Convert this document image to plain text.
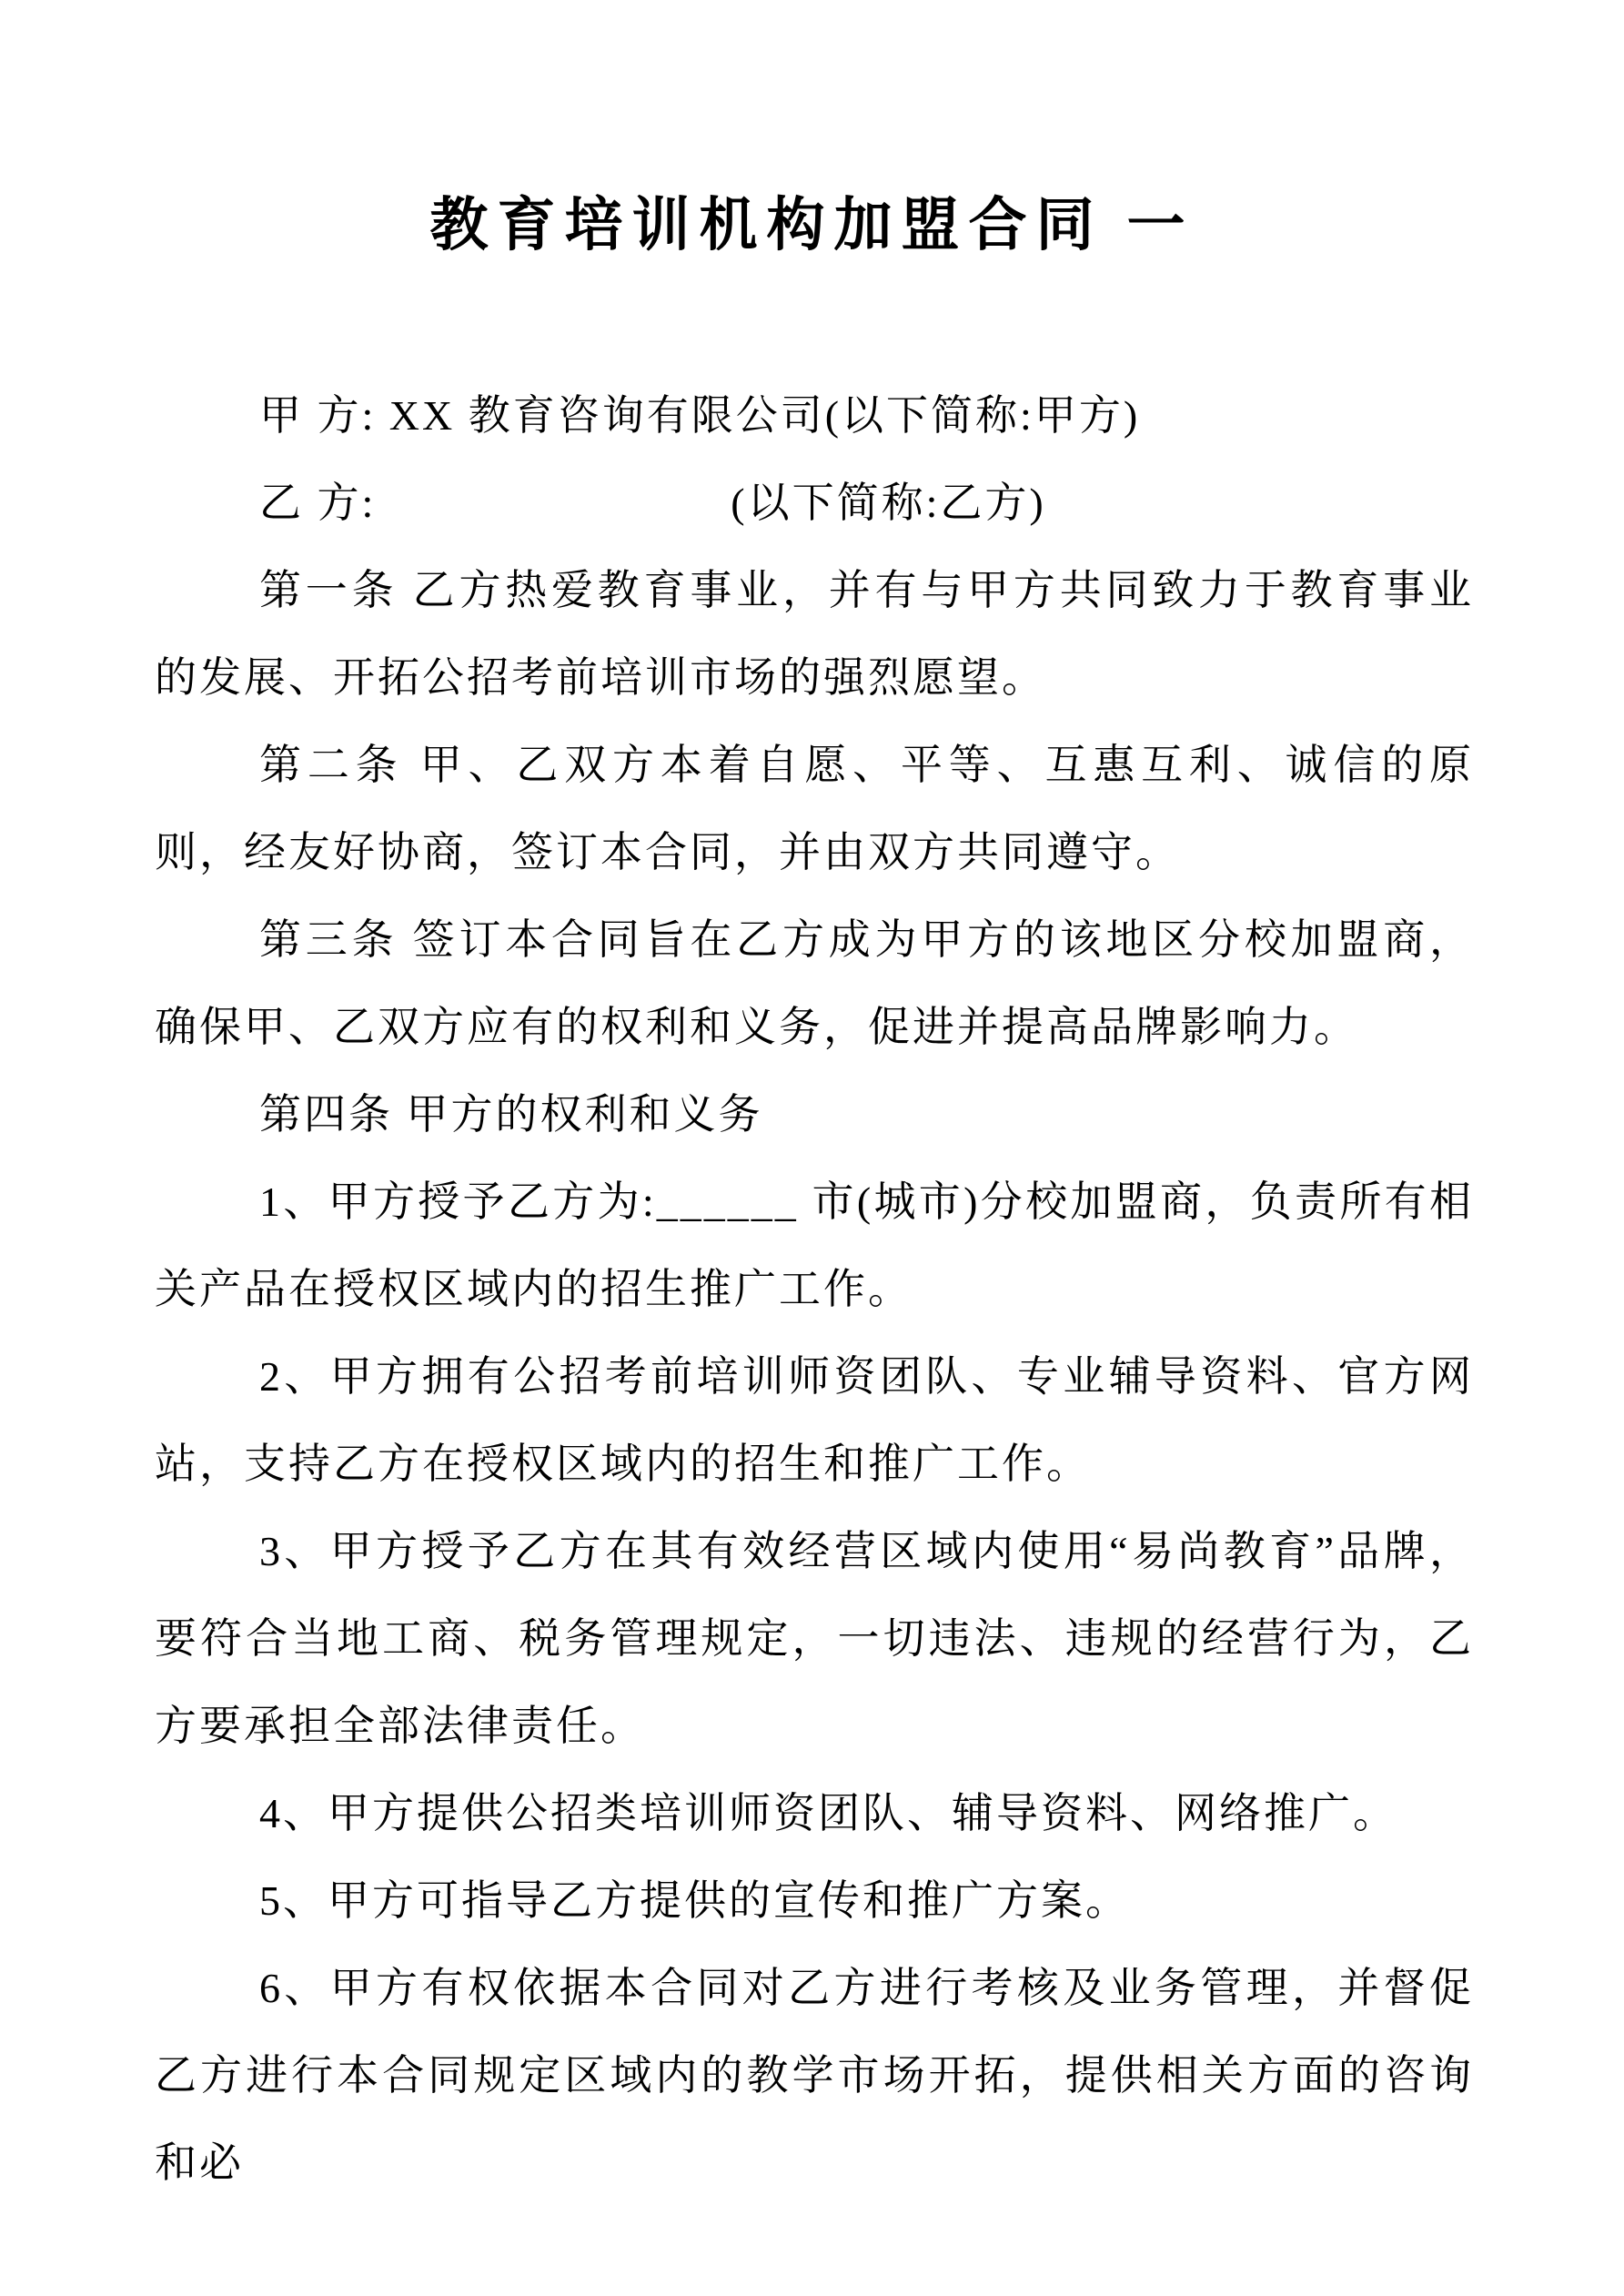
教育培训机构加盟合同 一

甲 方: XX 教育咨询有限公司(以下简称:甲方)

乙 方:	(以下简称:乙方)

第一条 乙方热爱教育事业，并有与甲方共同致力于教育事业的发展、开拓公招考前培训市场的强烈愿望。

第二条 甲、乙双方本着自愿、平等、互惠互利、诚信的原则，经友好协商，签订本合同，并由双方共同遵守。

第三条 签订本合同旨在乙方成为甲方的该地区分校加盟商，确保甲、乙双方应有的权利和义务，促进并提高品牌影响力。

第四条 甲方的权利和义务

1、甲方授予乙方为:______ 市(城市)分校加盟商，负责所有相关产品在授权区域内的招生推广工作。

2、甲方拥有公招考前培训师资团队、专业辅导资料、官方网站，支持乙方在授权区域内的招生和推广工作。

3、甲方授予乙方在其有效经营区域内使用“易尚教育”品牌，要符合当地工商、税务管理规定，一切违法、违规的经营行为，乙方要承担全部法律责任。

4、甲方提供公招类培训师资团队、辅导资料、网络推广。

5、甲方可指导乙方提供的宣传和推广方案。

6、甲方有权依据本合同对乙方进行考核及业务管理，并督促乙方进行本合同规定区域内的教学市场开拓，提供相关方面的咨询和必
